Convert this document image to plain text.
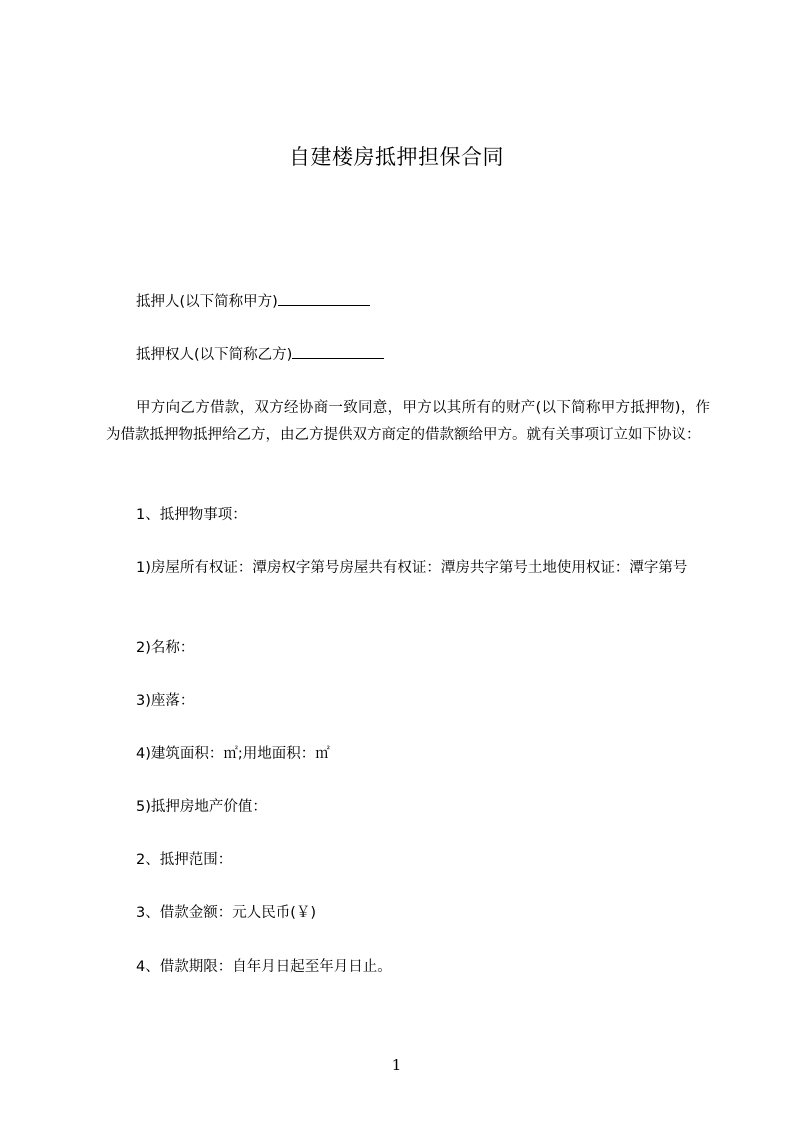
自建楼房抵押担保合同
抵押人(以下简称甲方)
抵押权人(以下简称乙方)
甲方向乙方借款，双方经协商一致同意，甲方以其所有的财产(以下简称甲方抵押物)，作为借款抵押物抵押给乙方，由乙方提供双方商定的借款额给甲方。就有关事项订立如下协议：
1、抵押物事项：
1)房屋所有权证：潭房权字第号房屋共有权证：潭房共字第号土地使用权证：潭字第号
2)名称：
3)座落：
4)建筑面积：㎡;用地面积：㎡
5)抵押房地产价值：
2、抵押范围：
3、借款金额：元人民币(￥)
4、借款期限：自年月日起至年月日止。
1
